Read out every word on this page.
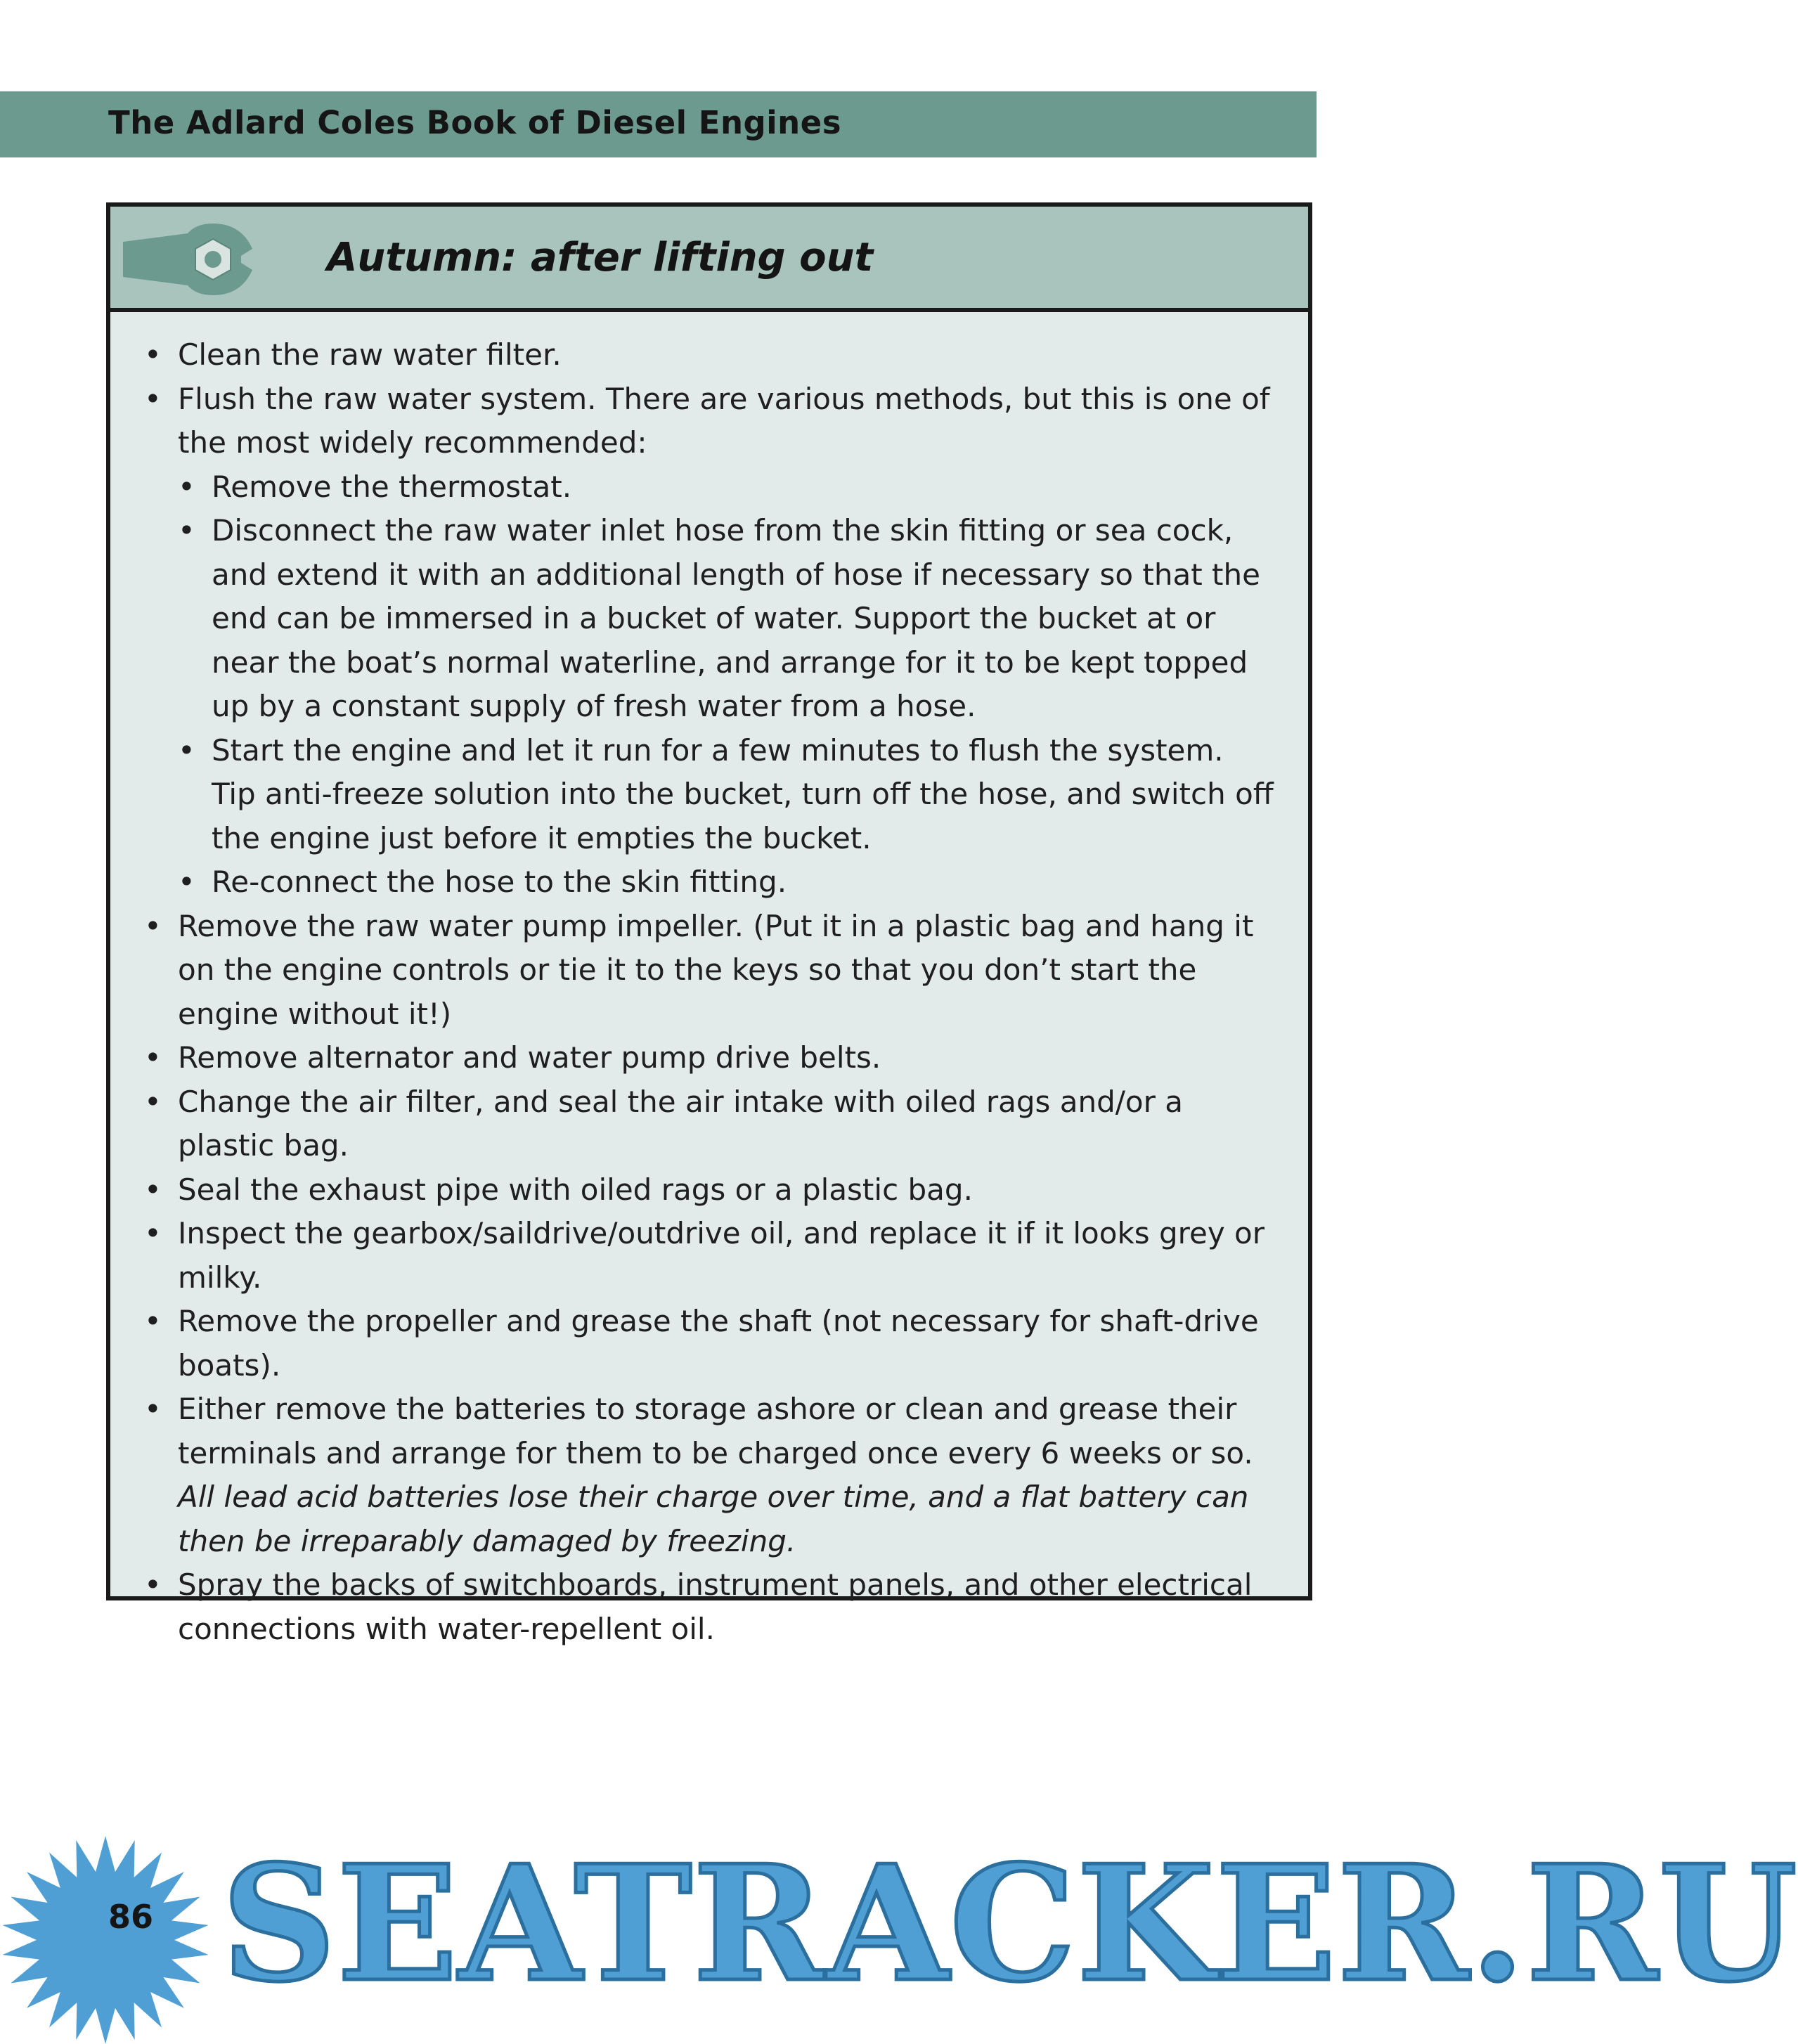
The Adlard Coles Book of Diesel Engines
Autumn: after lifting out
• Clean the raw water filter.
• Flush the raw water system. There are various methods, but this is one of the most widely recommended:
• Remove the thermostat.
• Disconnect the raw water inlet hose from the skin fitting or sea cock, and extend it with an additional length of hose if necessary so that the end can be immersed in a bucket of water. Support the bucket at or near the boat’s normal waterline, and arrange for it to be kept topped up by a constant supply of fresh water from a hose.
• Start the engine and let it run for a few minutes to flush the system. Tip anti-freeze solution into the bucket, turn off the hose, and switch off the engine just before it empties the bucket.
• Re-connect the hose to the skin fitting.
• Remove the raw water pump impeller. (Put it in a plastic bag and hang it on the engine controls or tie it to the keys so that you don’t start the engine without it!)
• Remove alternator and water pump drive belts.
• Change the air filter, and seal the air intake with oiled rags and/or a plastic bag.
• Seal the exhaust pipe with oiled rags or a plastic bag.
• Inspect the gearbox/saildrive/outdrive oil, and replace it if it looks grey or milky.
• Remove the propeller and grease the shaft (not necessary for shaft-drive boats).
• Either remove the batteries to storage ashore or clean and grease their terminals and arrange for them to be charged once every 6 weeks or so. All lead acid batteries lose their charge over time, and a flat battery can then be irreparably damaged by freezing.
• Spray the backs of switchboards, instrument panels, and other electrical connections with water-repellent oil.
86 SEATRACKER.RU
